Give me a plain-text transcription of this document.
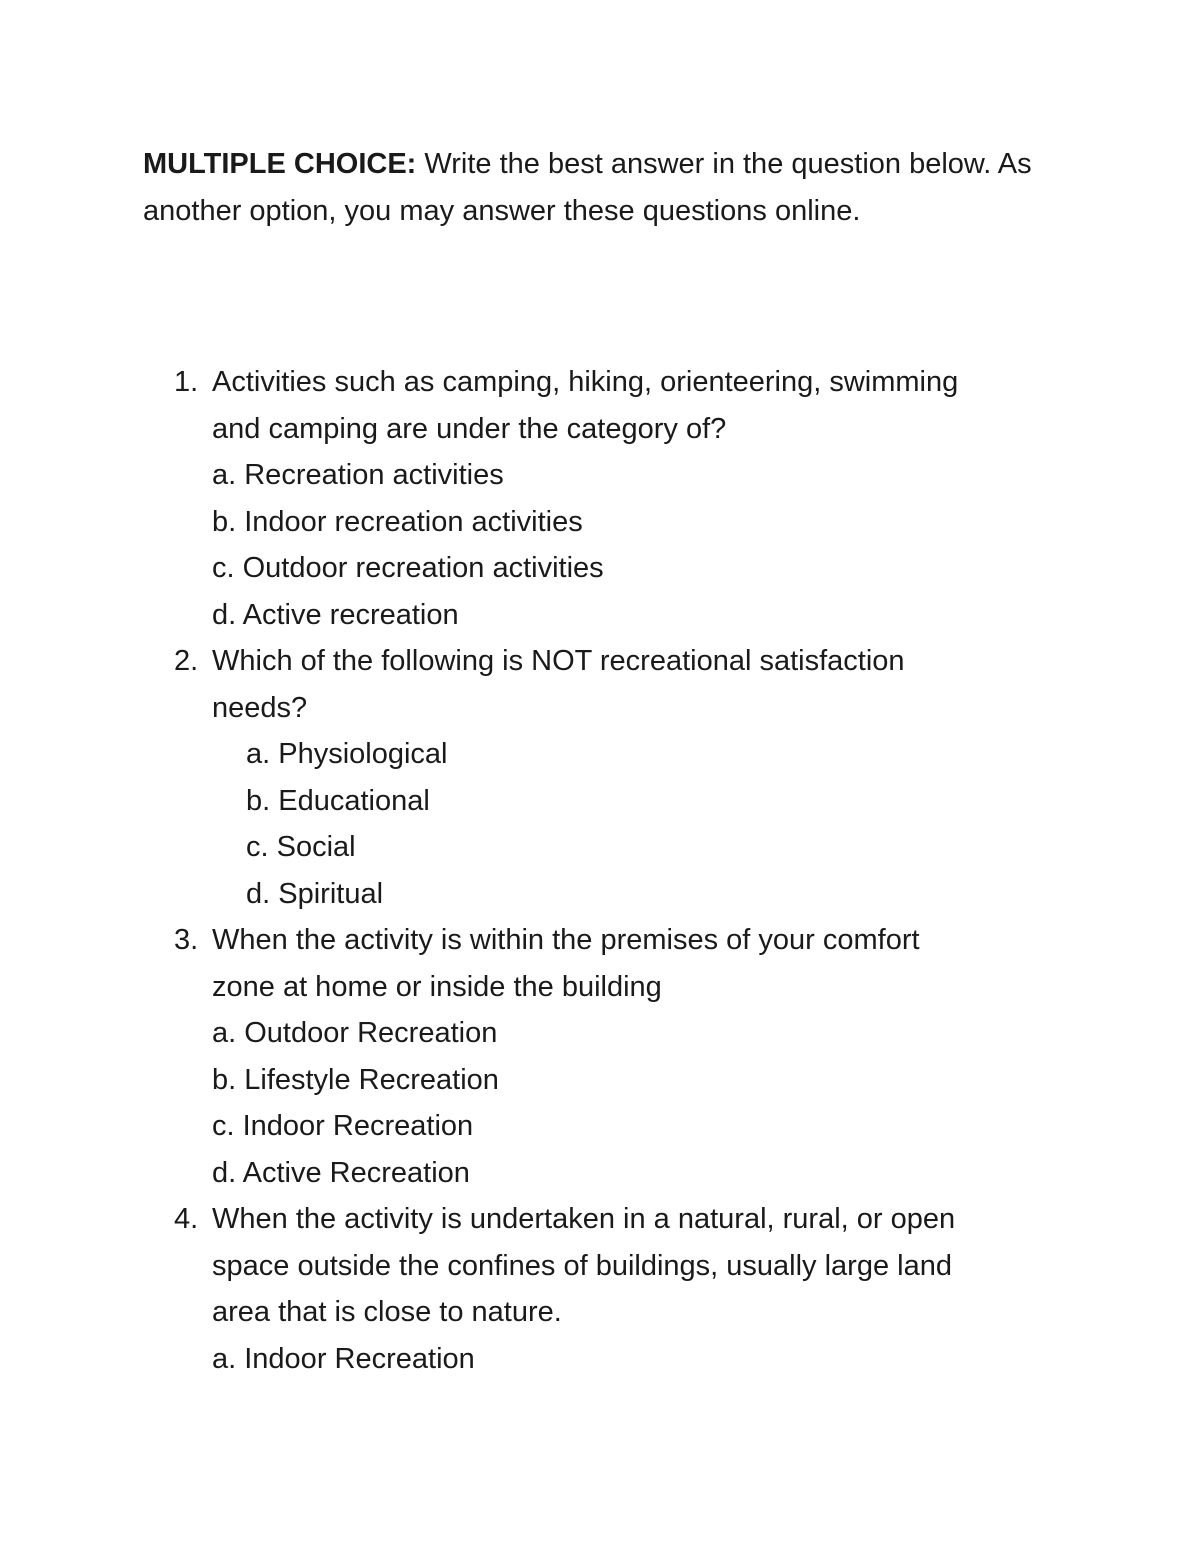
MULTIPLE CHOICE: Write the best answer in the question below. As another option, you may answer these questions online.

1. Activities such as camping, hiking, orienteering, swimming
and camping are under the category of?
a. Recreation activities
b. Indoor recreation activities
c. Outdoor recreation activities
d. Active recreation
2. Which of the following is NOT recreational satisfaction
needs?
a. Physiological
b. Educational
c. Social
d. Spiritual
3. When the activity is within the premises of your comfort
zone at home or inside the building
a. Outdoor Recreation
b. Lifestyle Recreation
c. Indoor Recreation
d. Active Recreation
4. When the activity is undertaken in a natural, rural, or open
space outside the confines of buildings, usually large land
area that is close to nature.
a. Indoor Recreation
